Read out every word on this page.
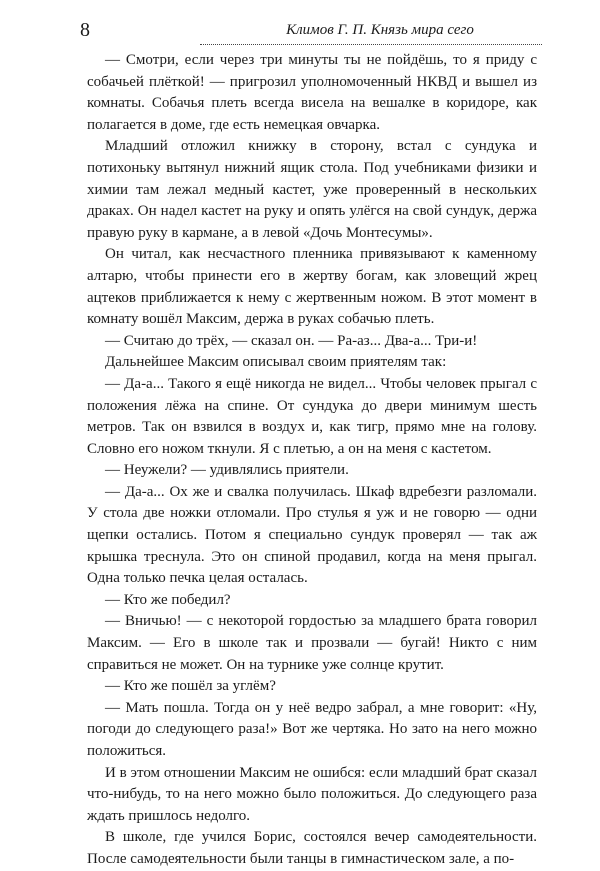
8	Климов Г. П. Князь мира сего

— Смотри, если через три минуты ты не пойдёшь, то я приду с собачьей плёткой! — пригрозил уполномоченный НКВД и вышел из комнаты. Собачья плеть всегда висела на вешалке в коридоре, как полагается в доме, где есть немецкая овчарка.

Младший отложил книжку в сторону, встал с сундука и потихоньку вытянул нижний ящик стола. Под учебниками физики и химии там лежал медный кастет, уже проверенный в нескольких драках. Он надел кастет на руку и опять улёгся на свой сундук, держа правую руку в кармане, а в левой «Дочь Монтесумы».

Он читал, как несчастного пленника привязывают к каменному алтарю, чтобы принести его в жертву богам, как зловещий жрец ацтеков приближается к нему с жертвенным ножом. В этот момент в комнату вошёл Максим, держа в руках собачью плеть.

— Считаю до трёх, — сказал он. — Ра-аз... Два-а... Три-и!

Дальнейшее Максим описывал своим приятелям так:

— Да-а... Такого я ещё никогда не видел... Чтобы человек прыгал с положения лёжа на спине. От сундука до двери минимум шесть метров. Так он взвился в воздух и, как тигр, прямо мне на голову. Словно его ножом ткнули. Я с плетью, а он на меня с кастетом.

— Неужели? — удивлялись приятели.

— Да-а... Ох же и свалка получилась. Шкаф вдребезги разломали. У стола две ножки отломали. Про стулья я уж и не говорю — одни щепки остались. Потом я специально сундук проверял — так аж крышка треснула. Это он спиной продавил, когда на меня прыгал. Одна только печка целая осталась.

— Кто же победил?

— Вничью! — с некоторой гордостью за младшего брата говорил Максим. — Его в школе так и прозвали — бугай! Никто с ним справиться не может. Он на турнике уже солнце крутит.

— Кто же пошёл за углём?

— Мать пошла. Тогда он у неё ведро забрал, а мне говорит: «Ну, погоди до следующего раза!» Вот же чертяка. Но зато на него можно положиться.

И в этом отношении Максим не ошибся: если младший брат сказал что-нибудь, то на него можно было положиться. До следующего раза ждать пришлось недолго.

В школе, где учился Борис, состоялся вечер самодеятельности. После самодеятельности были танцы в гимнастическом зале, а по-
